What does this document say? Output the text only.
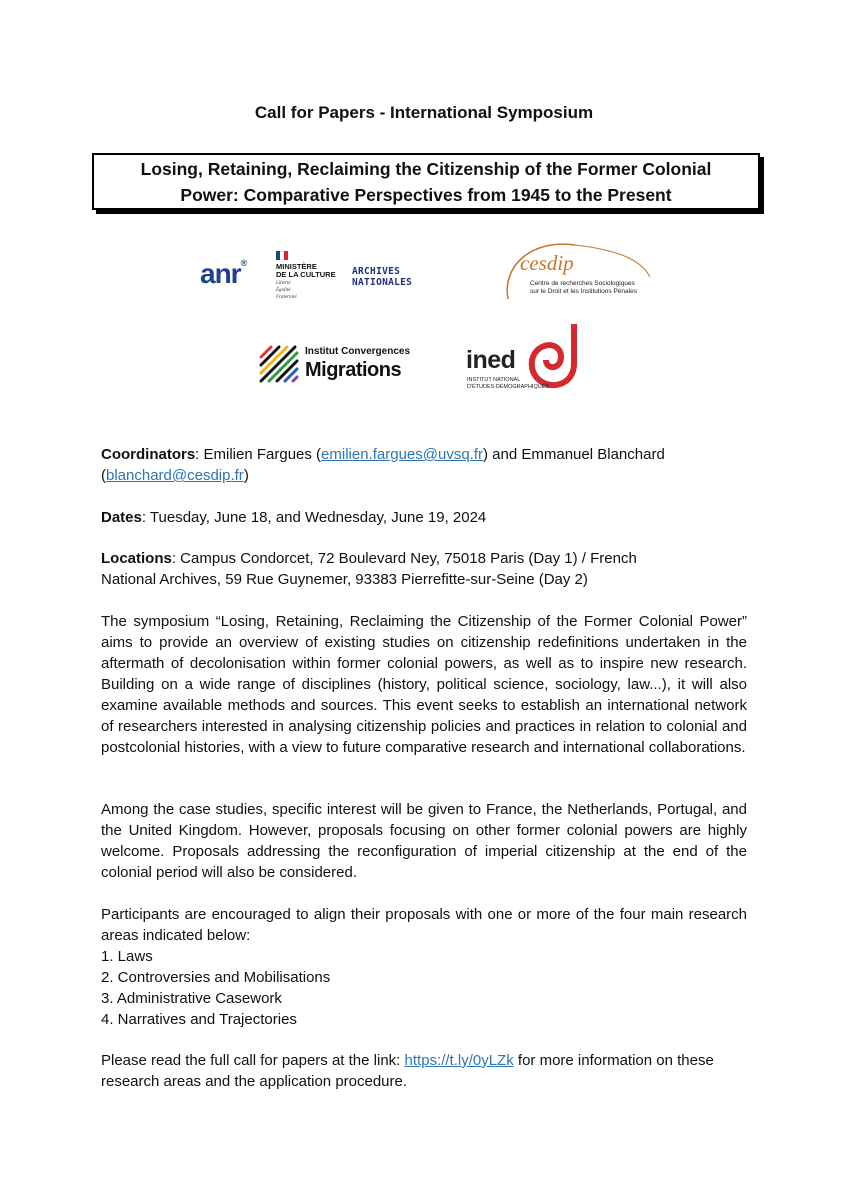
Call for Papers - International Symposium
Losing, Retaining, Reclaiming the Citizenship of the Former Colonial
Power: Comparative Perspectives from 1945 to the Present
anr®	MINISTÈRE
DE LA CULTURE
Liberté
Égalité
Fraternité
ARCHIVES
NATIONALES
cesdip
Centre de recherches Sociologiques
sur le Droit et les Institutions Pénales
Institut Convergences
Migrations	ined
INSTITUT NATIONAL
D'ÉTUDES DÉMOGRAPHIQUES
Coordinators: Emilien Fargues (emilien.fargues@uvsq.fr) and Emmanuel Blanchard
(blanchard@cesdip.fr)
Dates: Tuesday, June 18, and Wednesday, June 19, 2024
Locations: Campus Condorcet, 72 Boulevard Ney, 75018 Paris (Day 1) / French
National Archives, 59 Rue Guynemer, 93383 Pierrefitte-sur-Seine (Day 2)
The symposium “Losing, Retaining, Reclaiming the Citizenship of the Former Colonial Power” aims to provide an overview of existing studies on citizenship redefinitions undertaken in the aftermath of decolonisation within former colonial powers, as well as to inspire new research. Building on a wide range of disciplines (history, political science, sociology, law...), it will also examine available methods and sources. This event seeks to establish an international network of researchers interested in analysing citizenship policies and practices in relation to colonial and postcolonial histories, with a view to future comparative research and international collaborations.
Among the case studies, specific interest will be given to France, the Netherlands, Portugal, and the United Kingdom. However, proposals focusing on other former colonial powers are highly welcome. Proposals addressing the reconfiguration of imperial citizenship at the end of the colonial period will also be considered.
Participants are encouraged to align their proposals with one or more of the four main research areas indicated below:
1. Laws
2. Controversies and Mobilisations
3. Administrative Casework
4. Narratives and Trajectories
Please read the full call for papers at the link: https://t.ly/0yLZk for more information on these research areas and the application procedure.
